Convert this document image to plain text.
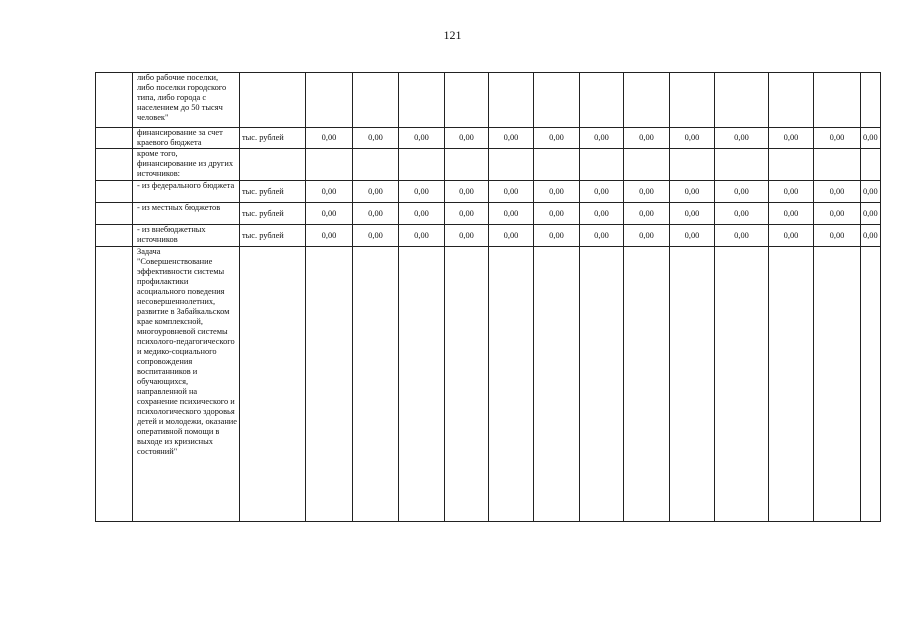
121
	либо рабочие поселки, либо поселки городского типа, либо города с населением до 50 тысяч человек"														
	финансирование за счет краевого бюджета	тыс. рублей	0,00	0,00	0,00	0,00	0,00	0,00	0,00	0,00	0,00	0,00	0,00	0,00	0,00
	кроме того, финансирование из других источников:														
	- из федерального бюджета	тыс. рублей	0,00	0,00	0,00	0,00	0,00	0,00	0,00	0,00	0,00	0,00	0,00	0,00	0,00
	- из местных бюджетов	тыс. рублей	0,00	0,00	0,00	0,00	0,00	0,00	0,00	0,00	0,00	0,00	0,00	0,00	0,00
	- из внебюджетных источников	тыс. рублей	0,00	0,00	0,00	0,00	0,00	0,00	0,00	0,00	0,00	0,00	0,00	0,00	0,00
	Задача "Совершенствование эффективности системы профилактики асоциального поведения несовершеннолетних, развитие в Забайкальском крае комплексной, многоуровневой системы психолого-педагогического и медико-социального сопровождения воспитанников и обучающихся, направленной на сохранение психического и психологического здоровья детей и молодежи, оказание оперативной помощи в выходе из кризисных состояний"														
